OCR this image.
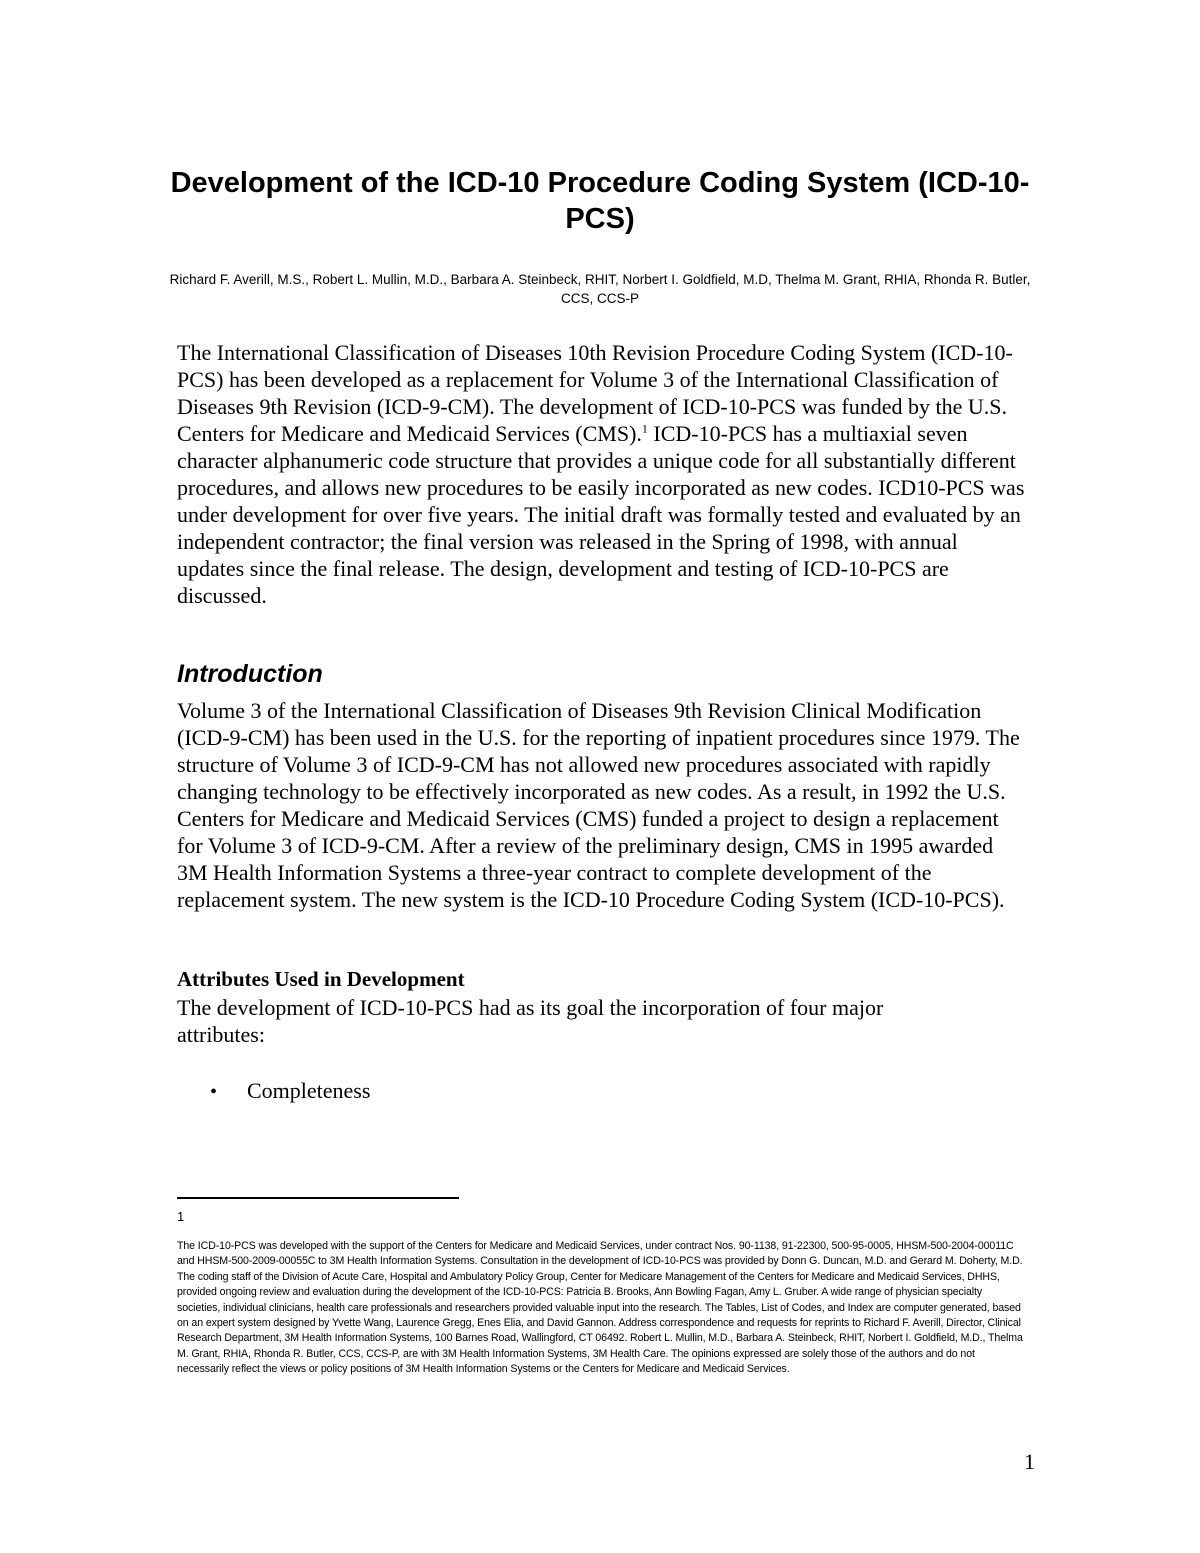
Development of the ICD-10 Procedure Coding System (ICD-10-PCS)

Richard F. Averill, M.S., Robert L. Mullin, M.D., Barbara A. Steinbeck, RHIT, Norbert I. Goldfield, M.D, Thelma M. Grant, RHIA, Rhonda R. Butler, CCS, CCS-P

The International Classification of Diseases 10th Revision Procedure Coding System (ICD-10-PCS) has been developed as a replacement for Volume 3 of the International Classification of Diseases 9th Revision (ICD-9-CM). The development of ICD-10-PCS was funded by the U.S. Centers for Medicare and Medicaid Services (CMS).$^1$ ICD-10-PCS has a multiaxial seven character alphanumeric code structure that provides a unique code for all substantially different procedures, and allows new procedures to be easily incorporated as new codes. ICD10-PCS was under development for over five years. The initial draft was formally tested and evaluated by an independent contractor; the final version was released in the Spring of 1998, with annual updates since the final release. The design, development and testing of ICD-10-PCS are discussed.

Introduction

Volume 3 of the International Classification of Diseases 9th Revision Clinical Modification (ICD-9-CM) has been used in the U.S. for the reporting of inpatient procedures since 1979. The structure of Volume 3 of ICD-9-CM has not allowed new procedures associated with rapidly changing technology to be effectively incorporated as new codes. As a result, in 1992 the U.S. Centers for Medicare and Medicaid Services (CMS) funded a project to design a replacement for Volume 3 of ICD-9-CM. After a review of the preliminary design, CMS in 1995 awarded 3M Health Information Systems a three-year contract to complete development of the replacement system. The new system is the ICD-10 Procedure Coding System (ICD-10-PCS).

Attributes Used in Development

The development of ICD-10-PCS had as its goal the incorporation of four major attributes:

•	Completeness

1

The ICD-10-PCS was developed with the support of the Centers for Medicare and Medicaid Services, under contract Nos. 90-1138, 91-22300, 500-95-0005, HHSM-500-2004-00011C and HHSM-500-2009-00055C to 3M Health Information Systems. Consultation in the development of ICD-10-PCS was provided by Donn G. Duncan, M.D. and Gerard M. Doherty, M.D. The coding staff of the Division of Acute Care, Hospital and Ambulatory Policy Group, Center for Medicare Management of the Centers for Medicare and Medicaid Services, DHHS, provided ongoing review and evaluation during the development of the ICD-10-PCS: Patricia B. Brooks, Ann Bowling Fagan, Amy L. Gruber. A wide range of physician specialty societies, individual clinicians, health care professionals and researchers provided valuable input into the research. The Tables, List of Codes, and Index are computer generated, based on an expert system designed by Yvette Wang, Laurence Gregg, Enes Elia, and David Gannon. Address correspondence and requests for reprints to Richard F. Averill, Director, Clinical Research Department, 3M Health Information Systems, 100 Barnes Road, Wallingford, CT 06492. Robert L. Mullin, M.D., Barbara A. Steinbeck, RHIT, Norbert I. Goldfield, M.D., Thelma M. Grant, RHIA, Rhonda R. Butler, CCS, CCS-P, are with 3M Health Information Systems, 3M Health Care. The opinions expressed are solely those of the authors and do not necessarily reflect the views or policy positions of 3M Health Information Systems or the Centers for Medicare and Medicaid Services.

1
